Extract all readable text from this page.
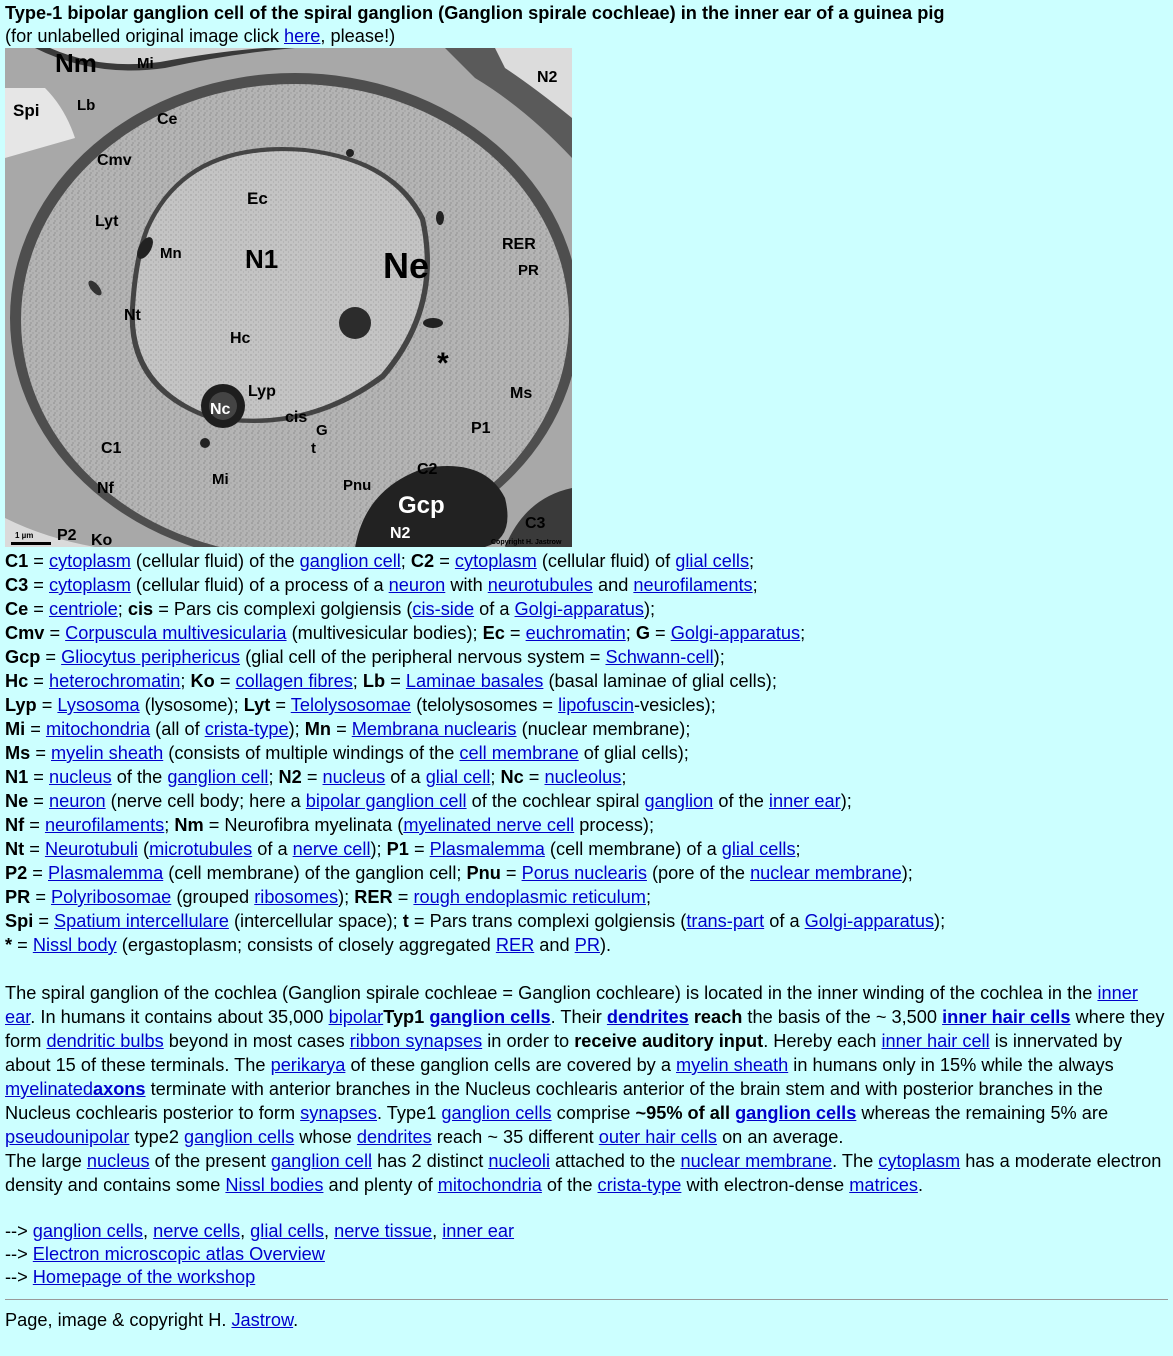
Type-1 bipolar ganglion cell of the spiral ganglion (Ganglion spirale cochleae) in the inner ear of a guinea pig
(for unlabelled original image click here, please!)
Nm	Mi
N2
Spi	Lb
Ce
Cmv
Ec
Lyt
Mn N1	Ne
RER
PR
Nt
Hc
*
Lyp
cis
G
t
Nc
Ms
P1
C1
C2
Nf
Mi	Pnu
Gcp
C3
N2
P2 Ko
1 µm
Copyright H. Jastrow
C1 = cytoplasm (cellular fluid) of the ganglion cell; C2 = cytoplasm (cellular fluid) of glial cells;
C3 = cytoplasm (cellular fluid) of a process of a neuron with neurotubules and neurofilaments;
Ce = centriole; cis = Pars cis complexi golgiensis (cis-side of a Golgi-apparatus);
Cmv = Corpuscula multivesicularia (multivesicular bodies); Ec = euchromatin; G = Golgi-apparatus;
Gcp = Gliocytus periphericus (glial cell of the peripheral nervous system = Schwann-cell);
Hc = heterochromatin; Ko = collagen fibres; Lb = Laminae basales (basal laminae of glial cells);
Lyp = Lysosoma (lysosome); Lyt = Telolysosomae (telolysosomes = lipofuscin-vesicles);
Mi = mitochondria (all of crista-type); Mn = Membrana nuclearis (nuclear membrane);
Ms = myelin sheath (consists of multiple windings of the cell membrane of glial cells);
N1 = nucleus of the ganglion cell; N2 = nucleus of a glial cell; Nc = nucleolus;
Ne = neuron (nerve cell body; here a bipolar ganglion cell of the cochlear spiral ganglion of the inner ear);
Nf = neurofilaments; Nm = Neurofibra myelinata (myelinated nerve cell process);
Nt = Neurotubuli (microtubules of a nerve cell); P1 = Plasmalemma (cell membrane) of a glial cells;
P2 = Plasmalemma (cell membrane) of the ganglion cell; Pnu = Porus nuclearis (pore of the nuclear membrane);
PR = Polyribosomae (grouped ribosomes); RER = rough endoplasmic reticulum;
Spi = Spatium intercellulare (intercellular space); t = Pars trans complexi golgiensis (trans-part of a Golgi-apparatus);
* = Nissl body (ergastoplasm; consists of closely aggregated RER and PR).
The spiral ganglion of the cochlea (Ganglion spirale cochleae = Ganglion cochleare) is located in the inner winding of the cochlea in the inner ear. In humans it contains about 35,000 bipolarTyp1 ganglion cells. Their dendrites reach the basis of the ~ 3,500 inner hair cells where they form dendritic bulbs beyond in most cases ribbon synapses in order to receive auditory input. Hereby each inner hair cell is innervated by about 15 of these terminals. The perikarya of these ganglion cells are covered by a myelin sheath in humans only in 15% while the always myelinatedaxons terminate with anterior branches in the Nucleus cochlearis anterior of the brain stem and with posterior branches in the Nucleus cochlearis posterior to form synapses. Type1 ganglion cells comprise ~95% of all ganglion cells whereas the remaining 5% are pseudounipolar type2 ganglion cells whose dendrites reach ~ 35 different outer hair cells on an average.
The large nucleus of the present ganglion cell has 2 distinct nucleoli attached to the nuclear membrane. The cytoplasm has a moderate electron density and contains some Nissl bodies and plenty of mitochondria of the crista-type with electron-dense matrices.
--> ganglion cells, nerve cells, glial cells, nerve tissue, inner ear
--> Electron microscopic atlas Overview
--> Homepage of the workshop
Page, image & copyright H. Jastrow.
